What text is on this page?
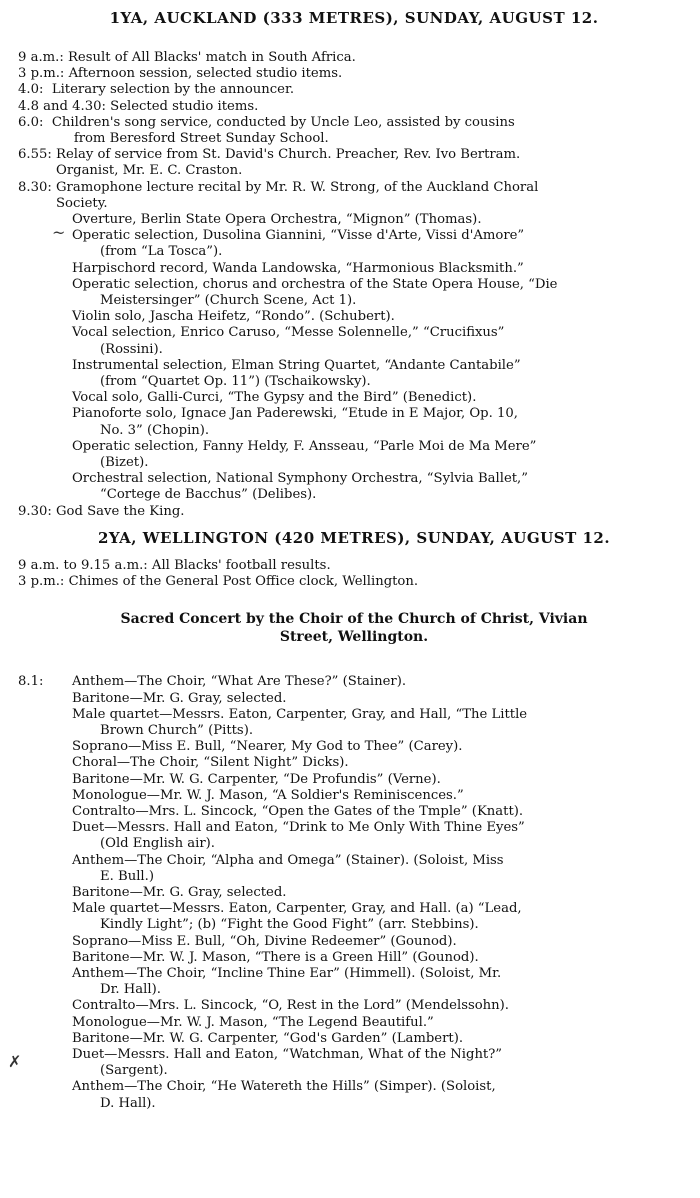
1YA, AUCKLAND (333 METRES), SUNDAY, AUGUST 12.
9 a.m.:
Result of All Blacks' match in South Africa.
3 p.m.:
Afternoon session, selected studio items.
4.0:
Literary selection by the announcer.
4.8 and 4.30:
Selected studio items.
6.0:
Children's song service, conducted by Uncle Leo, assisted by cousins
from Beresford Street Sunday School.
6.55:
Relay of service from St. David's Church. Preacher, Rev. Ivo Bertram.
Organist, Mr. E. C. Craston.
8.30:
Gramophone lecture recital by Mr. R. W. Strong, of the Auckland Choral
Society.
Overture, Berlin State Opera Orchestra, “Mignon” (Thomas).
Operatic selection, Dusolina Giannini, “Visse d'Arte, Vissi d'Amore”
(from “La Tosca”).
Harpischord record, Wanda Landowska, “Harmonious Blacksmith.”
Operatic selection, chorus and orchestra of the State Opera House, “Die
Meistersinger” (Church Scene, Act 1).
Violin solo, Jascha Heifetz, “Rondo”. (Schubert).
Vocal selection, Enrico Caruso, “Messe Solennelle,” “Crucifixus”
(Rossini).
Instrumental selection, Elman String Quartet, “Andante Cantabile”
(from “Quartet Op. 11”) (Tschaikowsky).
Vocal solo, Galli-Curci, “The Gypsy and the Bird” (Benedict).
Pianoforte solo, Ignace Jan Paderewski, “Etude in E Major, Op. 10,
No. 3” (Chopin).
Operatic selection, Fanny Heldy, F. Ansseau, “Parle Moi de Ma Mere”
(Bizet).
Orchestral selection, National Symphony Orchestra, “Sylvia Ballet,”
“Cortege de Bacchus” (Delibes).
9.30:
God Save the King.
2YA, WELLINGTON (420 METRES), SUNDAY, AUGUST 12.
9 a.m. to 9.15 a.m.:
All Blacks' football results.
3 p.m.:
Chimes of the General Post Office clock, Wellington.
Sacred Concert by the Choir of the Church of Christ, Vivian
Street, Wellington.
8.1:	Anthem—The Choir, “What Are These?” (Stainer).
Baritone—Mr. G. Gray, selected.
Male quartet—Messrs. Eaton, Carpenter, Gray, and Hall, “The Little
Brown Church” (Pitts).
Soprano—Miss E. Bull, “Nearer, My God to Thee” (Carey).
Choral—The Choir, “Silent Night” Dicks).
Baritone—Mr. W. G. Carpenter, “De Profundis” (Verne).
Monologue—Mr. W. J. Mason, “A Soldier's Reminiscences.”
Contralto—Mrs. L. Sincock, “Open the Gates of the Tmple” (Knatt).
Duet—Messrs. Hall and Eaton, “Drink to Me Only With Thine Eyes”
(Old English air).
Anthem—The Choir, “Alpha and Omega” (Stainer). (Soloist, Miss
E. Bull.)
Baritone—Mr. G. Gray, selected.
Male quartet—Messrs. Eaton, Carpenter, Gray, and Hall. (a) “Lead,
Kindly Light”; (b) “Fight the Good Fight” (arr. Stebbins).
Soprano—Miss E. Bull, “Oh, Divine Redeemer” (Gounod).
Baritone—Mr. W. J. Mason, “There is a Green Hill” (Gounod).
Anthem—The Choir, “Incline Thine Ear” (Himmell). (Soloist, Mr.
Dr. Hall).
Contralto—Mrs. L. Sincock, “O, Rest in the Lord” (Mendelssohn).
Monologue—Mr. W. J. Mason, “The Legend Beautiful.”
Baritone—Mr. W. G. Carpenter, “God's Garden” (Lambert).
Duet—Messrs. Hall and Eaton, “Watchman, What of the Night?”
(Sargent).
Anthem—The Choir, “He Watereth the Hills” (Simper). (Soloist,
D. Hall).
~
✗
